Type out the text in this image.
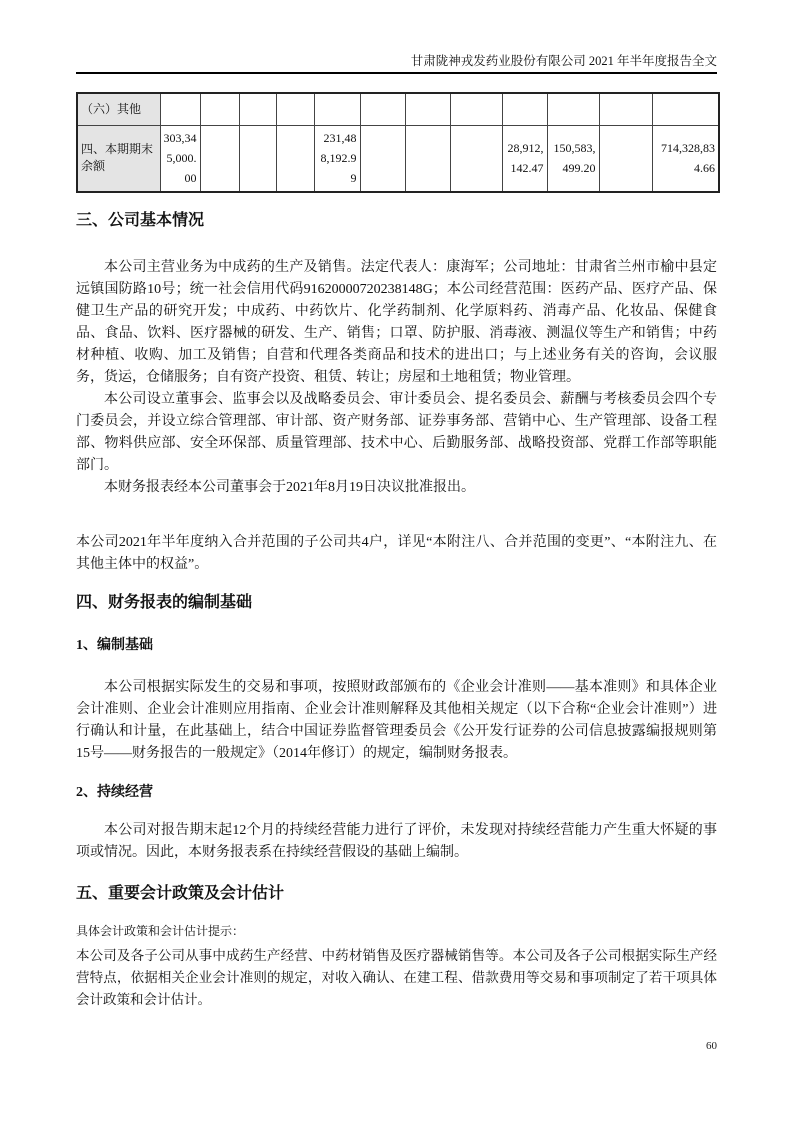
甘肃陇神戎发药业股份有限公司 2021 年半年度报告全文
（六）其他												
四、本期期末余额	303,345,000.00				231,488,192.99				28,912,142.47	150,583,499.20		714,328,834.66
三、公司基本情况

本公司主营业务为中成药的生产及销售。法定代表人：康海军；公司地址：甘肃省兰州市榆中县定远镇国防路10号；统一社会信用代码91620000720238148G；本公司经营范围：医药产品、医疗产品、保健卫生产品的研究开发；中成药、中药饮片、化学药制剂、化学原料药、消毒产品、化妆品、保健食品、食品、饮料、医疗器械的研发、生产、销售；口罩、防护服、消毒液、测温仪等生产和销售；中药材种植、收购、加工及销售；自营和代理各类商品和技术的进出口；与上述业务有关的咨询，会议服务，货运，仓储服务；自有资产投资、租赁、转让；房屋和土地租赁；物业管理。

本公司设立董事会、监事会以及战略委员会、审计委员会、提名委员会、薪酬与考核委员会四个专门委员会，并设立综合管理部、审计部、资产财务部、证券事务部、营销中心、生产管理部、设备工程部、物料供应部、安全环保部、质量管理部、技术中心、后勤服务部、战略投资部、党群工作部等职能部门。

本财务报表经本公司董事会于2021年8月19日决议批准报出。

本公司2021年半年度纳入合并范围的子公司共4户，详见“本附注八、合并范围的变更”、“本附注九、在其他主体中的权益”。

四、财务报表的编制基础
1、编制基础

本公司根据实际发生的交易和事项，按照财政部颁布的《企业会计准则——基本准则》和具体企业会计准则、企业会计准则应用指南、企业会计准则解释及其他相关规定（以下合称“企业会计准则”）进行确认和计量，在此基础上，结合中国证券监督管理委员会《公开发行证券的公司信息披露编报规则第15号——财务报告的一般规定》（2014年修订）的规定，编制财务报表。

2、持续经营

本公司对报告期末起12个月的持续经营能力进行了评价，未发现对持续经营能力产生重大怀疑的事项或情况。因此，本财务报表系在持续经营假设的基础上编制。

五、重要会计政策及会计估计
具体会计政策和会计估计提示：

本公司及各子公司从事中成药生产经营、中药材销售及医疗器械销售等。本公司及各子公司根据实际生产经营特点，依据相关企业会计准则的规定，对收入确认、在建工程、借款费用等交易和事项制定了若干项具体会计政策和会计估计。

60
